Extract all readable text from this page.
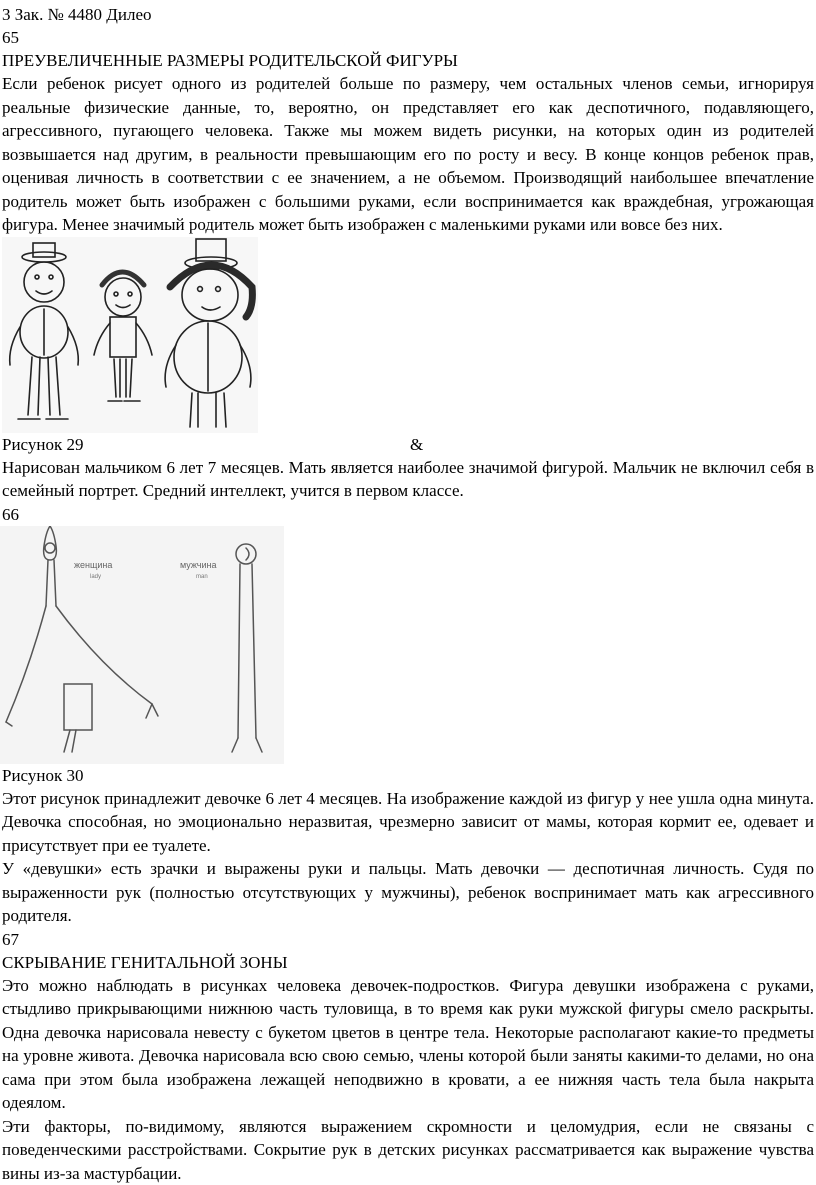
3 Зак. № 4480 Дилео
65
ПРЕУВЕЛИЧЕННЫЕ РАЗМЕРЫ РОДИТЕЛЬСКОЙ ФИГУРЫ
Если ребенок рисует одного из родителей больше по размеру, чем остальных членов семьи, игнорируя реальные физические данные, то, вероятно, он представляет его как деспотичного, подавляющего, агрессивного, пугающего человека. Также мы можем видеть рисунки, на которых один из родителей возвышается над другим, в реальности превышающим его по росту и весу. В конце концов ребенок прав, оценивая личность в соответствии с ее значением, а не объемом. Производящий наибольшее впечатление родитель может быть изображен с большими руками, если воспринимается как враждебная, угрожающая фигура. Менее значимый родитель может быть изображен с маленькими руками или вовсе без них.
Рисунок 29	&
Нарисован мальчиком 6 лет 7 месяцев. Мать является наиболее значимой фигурой. Мальчик не включил себя в семейный портрет. Средний интеллект, учится в первом классе.
66
женщина
lady
мужчина
man
Рисунок 30
Этот рисунок принадлежит девочке 6 лет 4 месяцев. На изображение каждой из фигур у нее ушла одна минута. Девочка способная, но эмоционально неразвитая, чрезмерно зависит от мамы, которая кормит ее, одевает и присутствует при ее туалете.
У «девушки» есть зрачки и выражены руки и пальцы. Мать девочки — деспотичная личность. Судя по выраженности рук (полностью отсутствующих у мужчины), ребенок воспринимает мать как агрессивного родителя.
67
СКРЫВАНИЕ ГЕНИТАЛЬНОЙ ЗОНЫ
Это можно наблюдать в рисунках человека девочек-подростков. Фигура девушки изображена с руками, стыдливо прикрывающими нижнюю часть туловища, в то время как руки мужской фигуры смело раскрыты. Одна девочка нарисовала невесту с букетом цветов в центре тела. Некоторые располагают какие-то предметы на уровне живота. Девочка нарисовала всю свою семью, члены которой были заняты какими-то делами, но она сама при этом была изображена лежащей неподвижно в кровати, а ее нижняя часть тела была накрыта одеялом.
Эти факторы, по-видимому, являются выражением скромности и целомудрия, если не связаны с поведенческими расстройствами. Сокрытие рук в детских рисунках рассматривается как выражение чувства вины из-за мастурбации.
